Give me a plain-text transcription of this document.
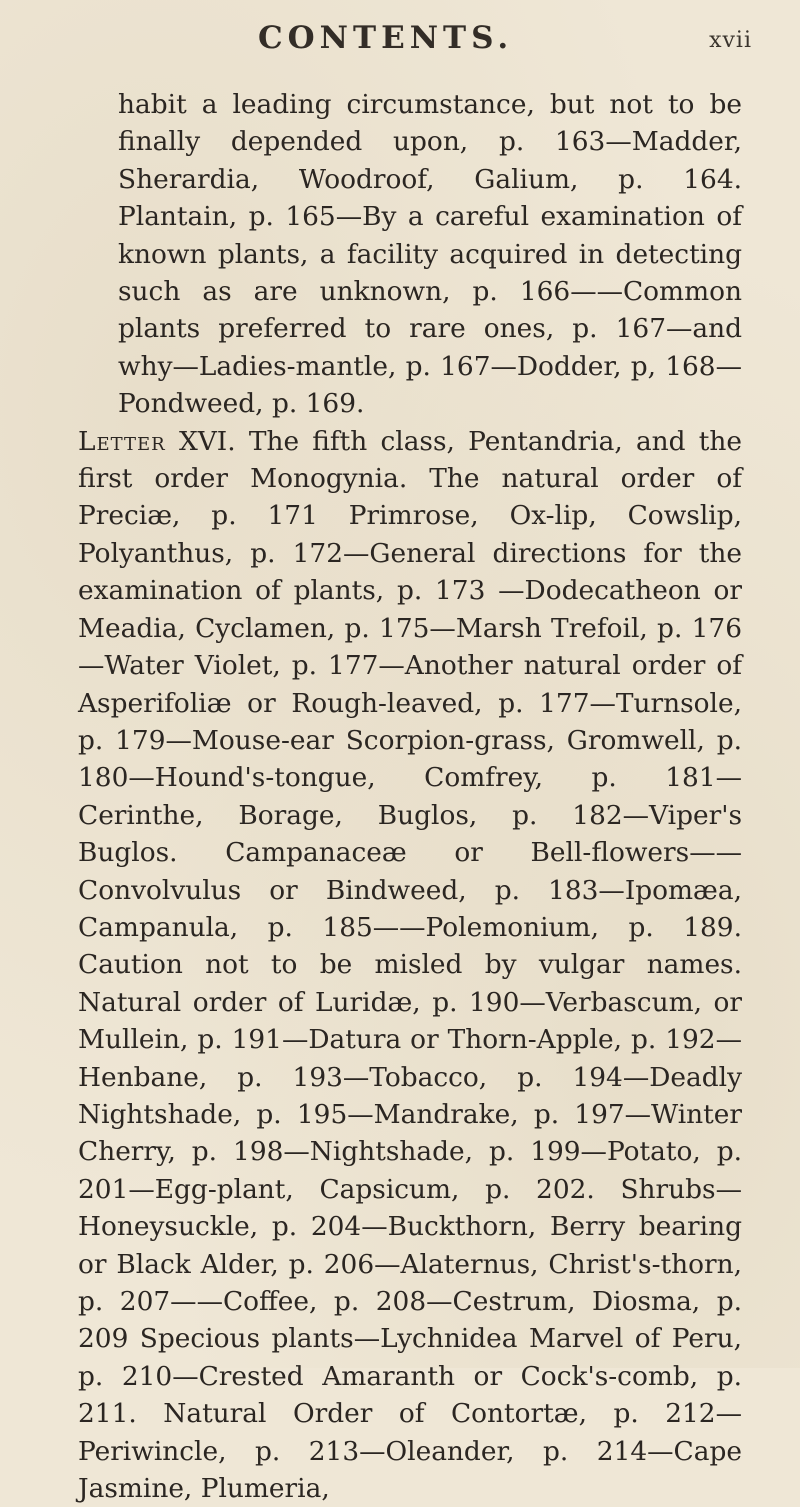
CONTENTS.	xvii

habit a leading circumstance, but not to be finally depended upon, p. 163—Madder, Sherardia, Woodroof, Galium, p. 164. Plantain, p. 165—By a careful examination of known plants, a facility acquired in detecting such as are unknown, p. 166——Common plants preferred to rare ones, p. 167—and why—Ladies-mantle, p. 167—Dodder, p, 168—Pondweed, p. 169.

Letter XVI. The fifth class, Pentandria, and the first order Monogynia. The natural order of Preciæ, p. 171 Primrose, Ox-lip, Cowslip, Polyanthus, p. 172—General directions for the examination of plants, p. 173 —Dodecatheon or Meadia, Cyclamen, p. 175—Marsh Trefoil, p. 176—Water Violet, p. 177—Another natural order of Asperifoliæ or Rough-leaved, p. 177—Turnsole, p. 179—Mouse-ear Scorpion-grass, Gromwell, p. 180—Hound's-tongue, Comfrey, p. 181—Cerinthe, Borage, Buglos, p. 182—Viper's Buglos. Campanaceæ or Bell-flowers——Convolvulus or Bindweed, p. 183—Ipomæa, Campanula, p. 185——Polemonium, p. 189. Caution not to be misled by vulgar names. Natural order of Luridæ, p. 190—Verbascum, or Mullein, p. 191—Datura or Thorn-Apple, p. 192—Henbane, p. 193—Tobacco, p. 194—Deadly Nightshade, p. 195—Mandrake, p. 197—Winter Cherry, p. 198—Nightshade, p. 199—Potato, p. 201—Egg-plant, Capsicum, p. 202. Shrubs—Honeysuckle, p. 204—Buckthorn, Berry bearing or Black Alder, p. 206—Alaternus, Christ's-thorn, p. 207——Coffee, p. 208—Cestrum, Diosma, p. 209 Specious plants—Lychnidea Marvel of Peru, p. 210—Crested Amaranth or Cock's-comb, p. 211. Natural Order of Contortæ, p. 212—Periwincle, p. 213—Oleander, p. 214—Cape Jasmine, Plumeria,
